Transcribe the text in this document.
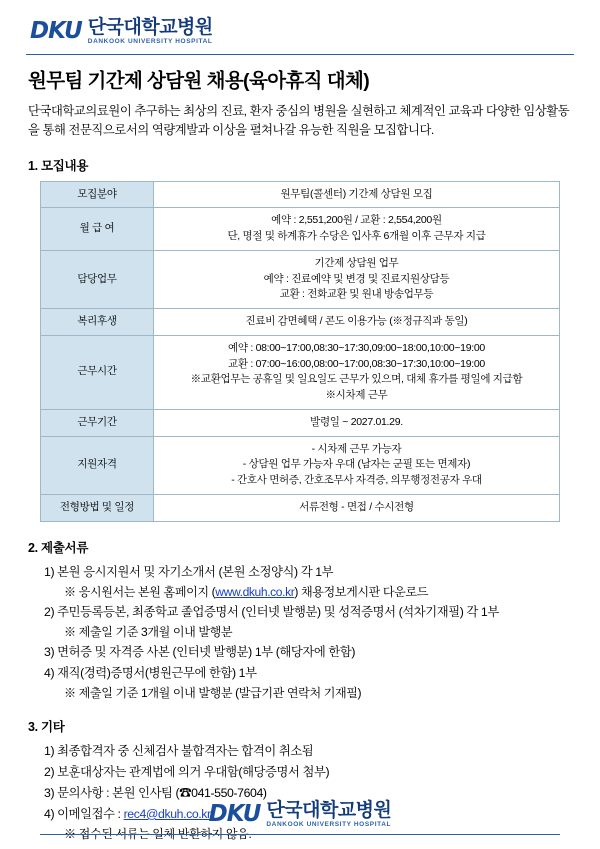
DKU 단국대학교병원
DANKOOK UNIVERSITY HOSPITAL
원무팀 기간제 상담원 채용(육아휴직 대체)

단국대학교의료원이 추구하는 최상의 진료, 환자 중심의 병원을 실현하고 체계적인 교육과 다양한 임상활동을 통해 전문직으로서의 역량계발과 이상을 펼쳐나갈 유능한 직원을 모집합니다.

1. 모집내용
모집분야	원무팀(콜센터) 기간제 상담원 모집

월 급 여	예약 : 2,551,200원 / 교환 : 2,554,200원
단, 명절 및 하계휴가 수당은 입사후 6개월 이후 근무자 지급

담당업무	기간제 상담원 업무
예약 : 진료예약 및 변경 및 진료지원상담등
교환 : 전화교환 및 원내 방송업무등

복리후생	진료비 감면혜택 / 콘도 이용가능 (※정규직과 동일)

근무시간	예약 : 08:00~17:00,08:30~17:30,09:00~18:00,10:00~19:00
교환 : 07:00~16:00,08:00~17:00,08:30~17:30,10:00~19:00
※교환업무는 공휴일 및 일요일도 근무가 있으며, 대체 휴가를 평일에 지급함
※시차제 근무

근무기간	발령일 ~ 2027.01.29.

지원자격	- 시차제 근무 가능자
- 상담원 업무 가능자 우대 (남자는 군필 또는 면제자)
- 간호사 면허증, 간호조무사 자격증, 의무행정전공자 우대

전형방법 및 일정	서류전형 - 면접 / 수시전형
2. 제출서류
1) 본원 응시지원서 및 자기소개서 (본원 소정양식) 각 1부
※ 응시원서는 본원 홈페이지 (www.dkuh.co.kr) 채용정보게시판 다운로드
2) 주민등록등본, 최종학교 졸업증명서 (인터넷 발행분) 및 성적증명서 (석차기재필) 각 1부
※ 제출일 기준 3개월 이내 발행분
3) 면허증 및 자격증 사본 (인터넷 발행분) 1부 (해당자에 한함)
4) 재직(경력)증명서(병원근무에 한함) 1부
※ 제출일 기준 1개월 이내 발행분 (발급기관 연락처 기재필)
3. 기타
1) 최종합격자 중 신체검사 불합격자는 합격이 취소됨
2) 보훈대상자는 관계법에 의거 우대함(해당증명서 첨부)
3) 문의사항 : 본원 인사팀 (☎041-550-7604)
4) 이메일접수 : rec4@dkuh.co.kr
※ 접수된 서류는 일체 반환하지 않음.
DKU 단국대학교병원
DANKOOK UNIVERSITY HOSPITAL
